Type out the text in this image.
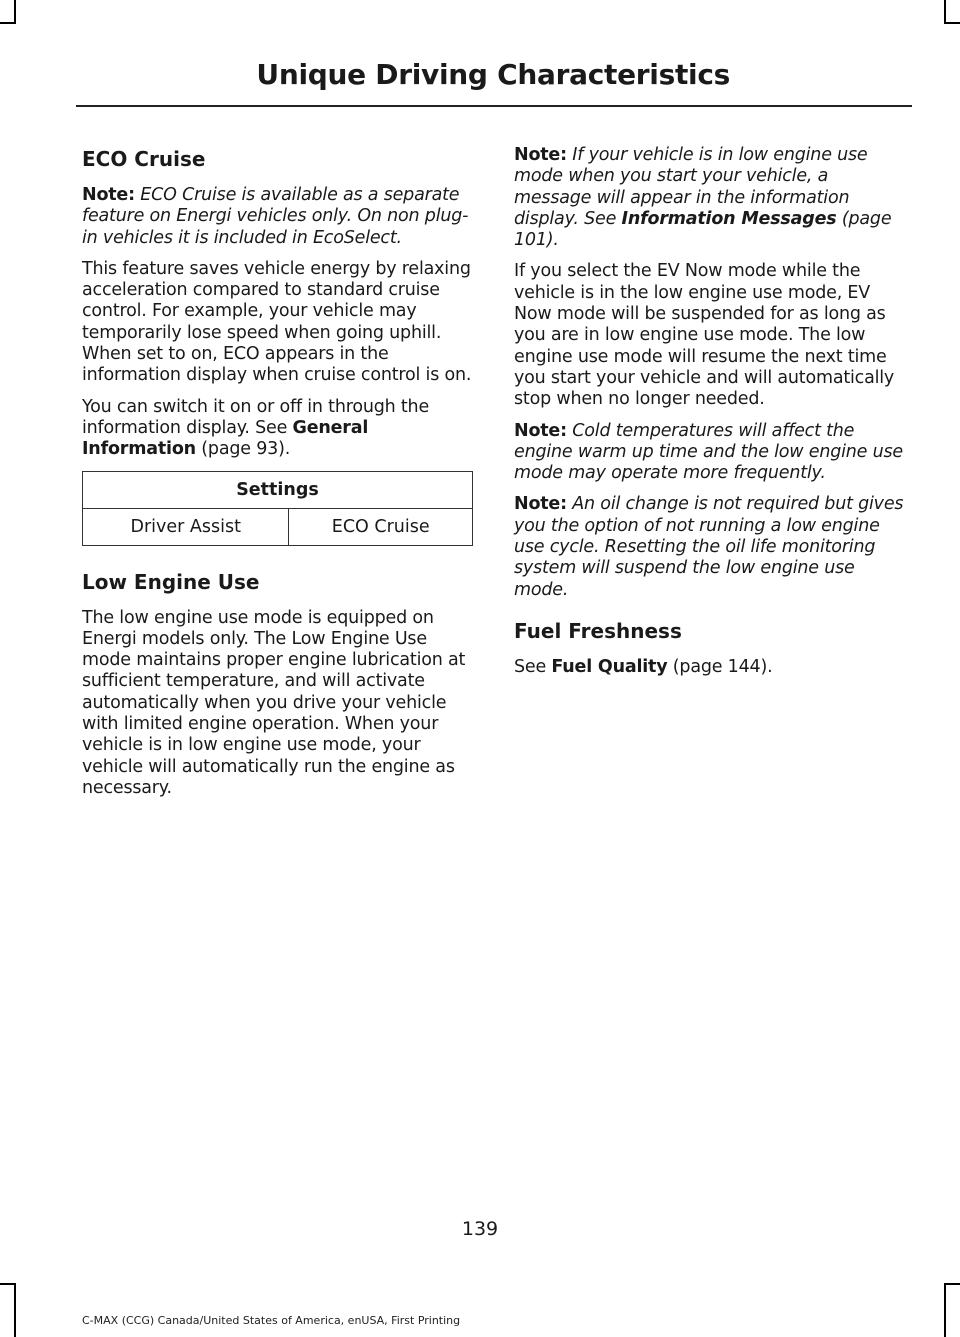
Unique Driving Characteristics
ECO Cruise

Note: ECO Cruise is available as a separate feature on Energi vehicles only. On non plug-in vehicles it is included in EcoSelect.

This feature saves vehicle energy by relaxing acceleration compared to standard cruise control. For example, your vehicle may temporarily lose speed when going uphill. When set to on, ECO appears in the information display when cruise control is on.

You can switch it on or off in through the information display. See General Information (page 93).

Settings
Driver Assist	ECO Cruise
Low Engine Use

The low engine use mode is equipped on Energi models only. The Low Engine Use mode maintains proper engine lubrication at sufficient temperature, and will activate automatically when you drive your vehicle with limited engine operation. When your vehicle is in low engine use mode, your vehicle will automatically run the engine as necessary.

Note: If your vehicle is in low engine use mode when you start your vehicle, a message will appear in the information display. See Information Messages (page 101).

If you select the EV Now mode while the vehicle is in the low engine use mode, EV Now mode will be suspended for as long as you are in low engine use mode. The low engine use mode will resume the next time you start your vehicle and will automatically stop when no longer needed.

Note: Cold temperatures will affect the engine warm up time and the low engine use mode may operate more frequently.

Note: An oil change is not required but gives you the option of not running a low engine use cycle. Resetting the oil life monitoring system will suspend the low engine use mode.

Fuel Freshness

See Fuel Quality (page 144).

139
C-MAX (CCG) Canada/United States of America, enUSA, First Printing
